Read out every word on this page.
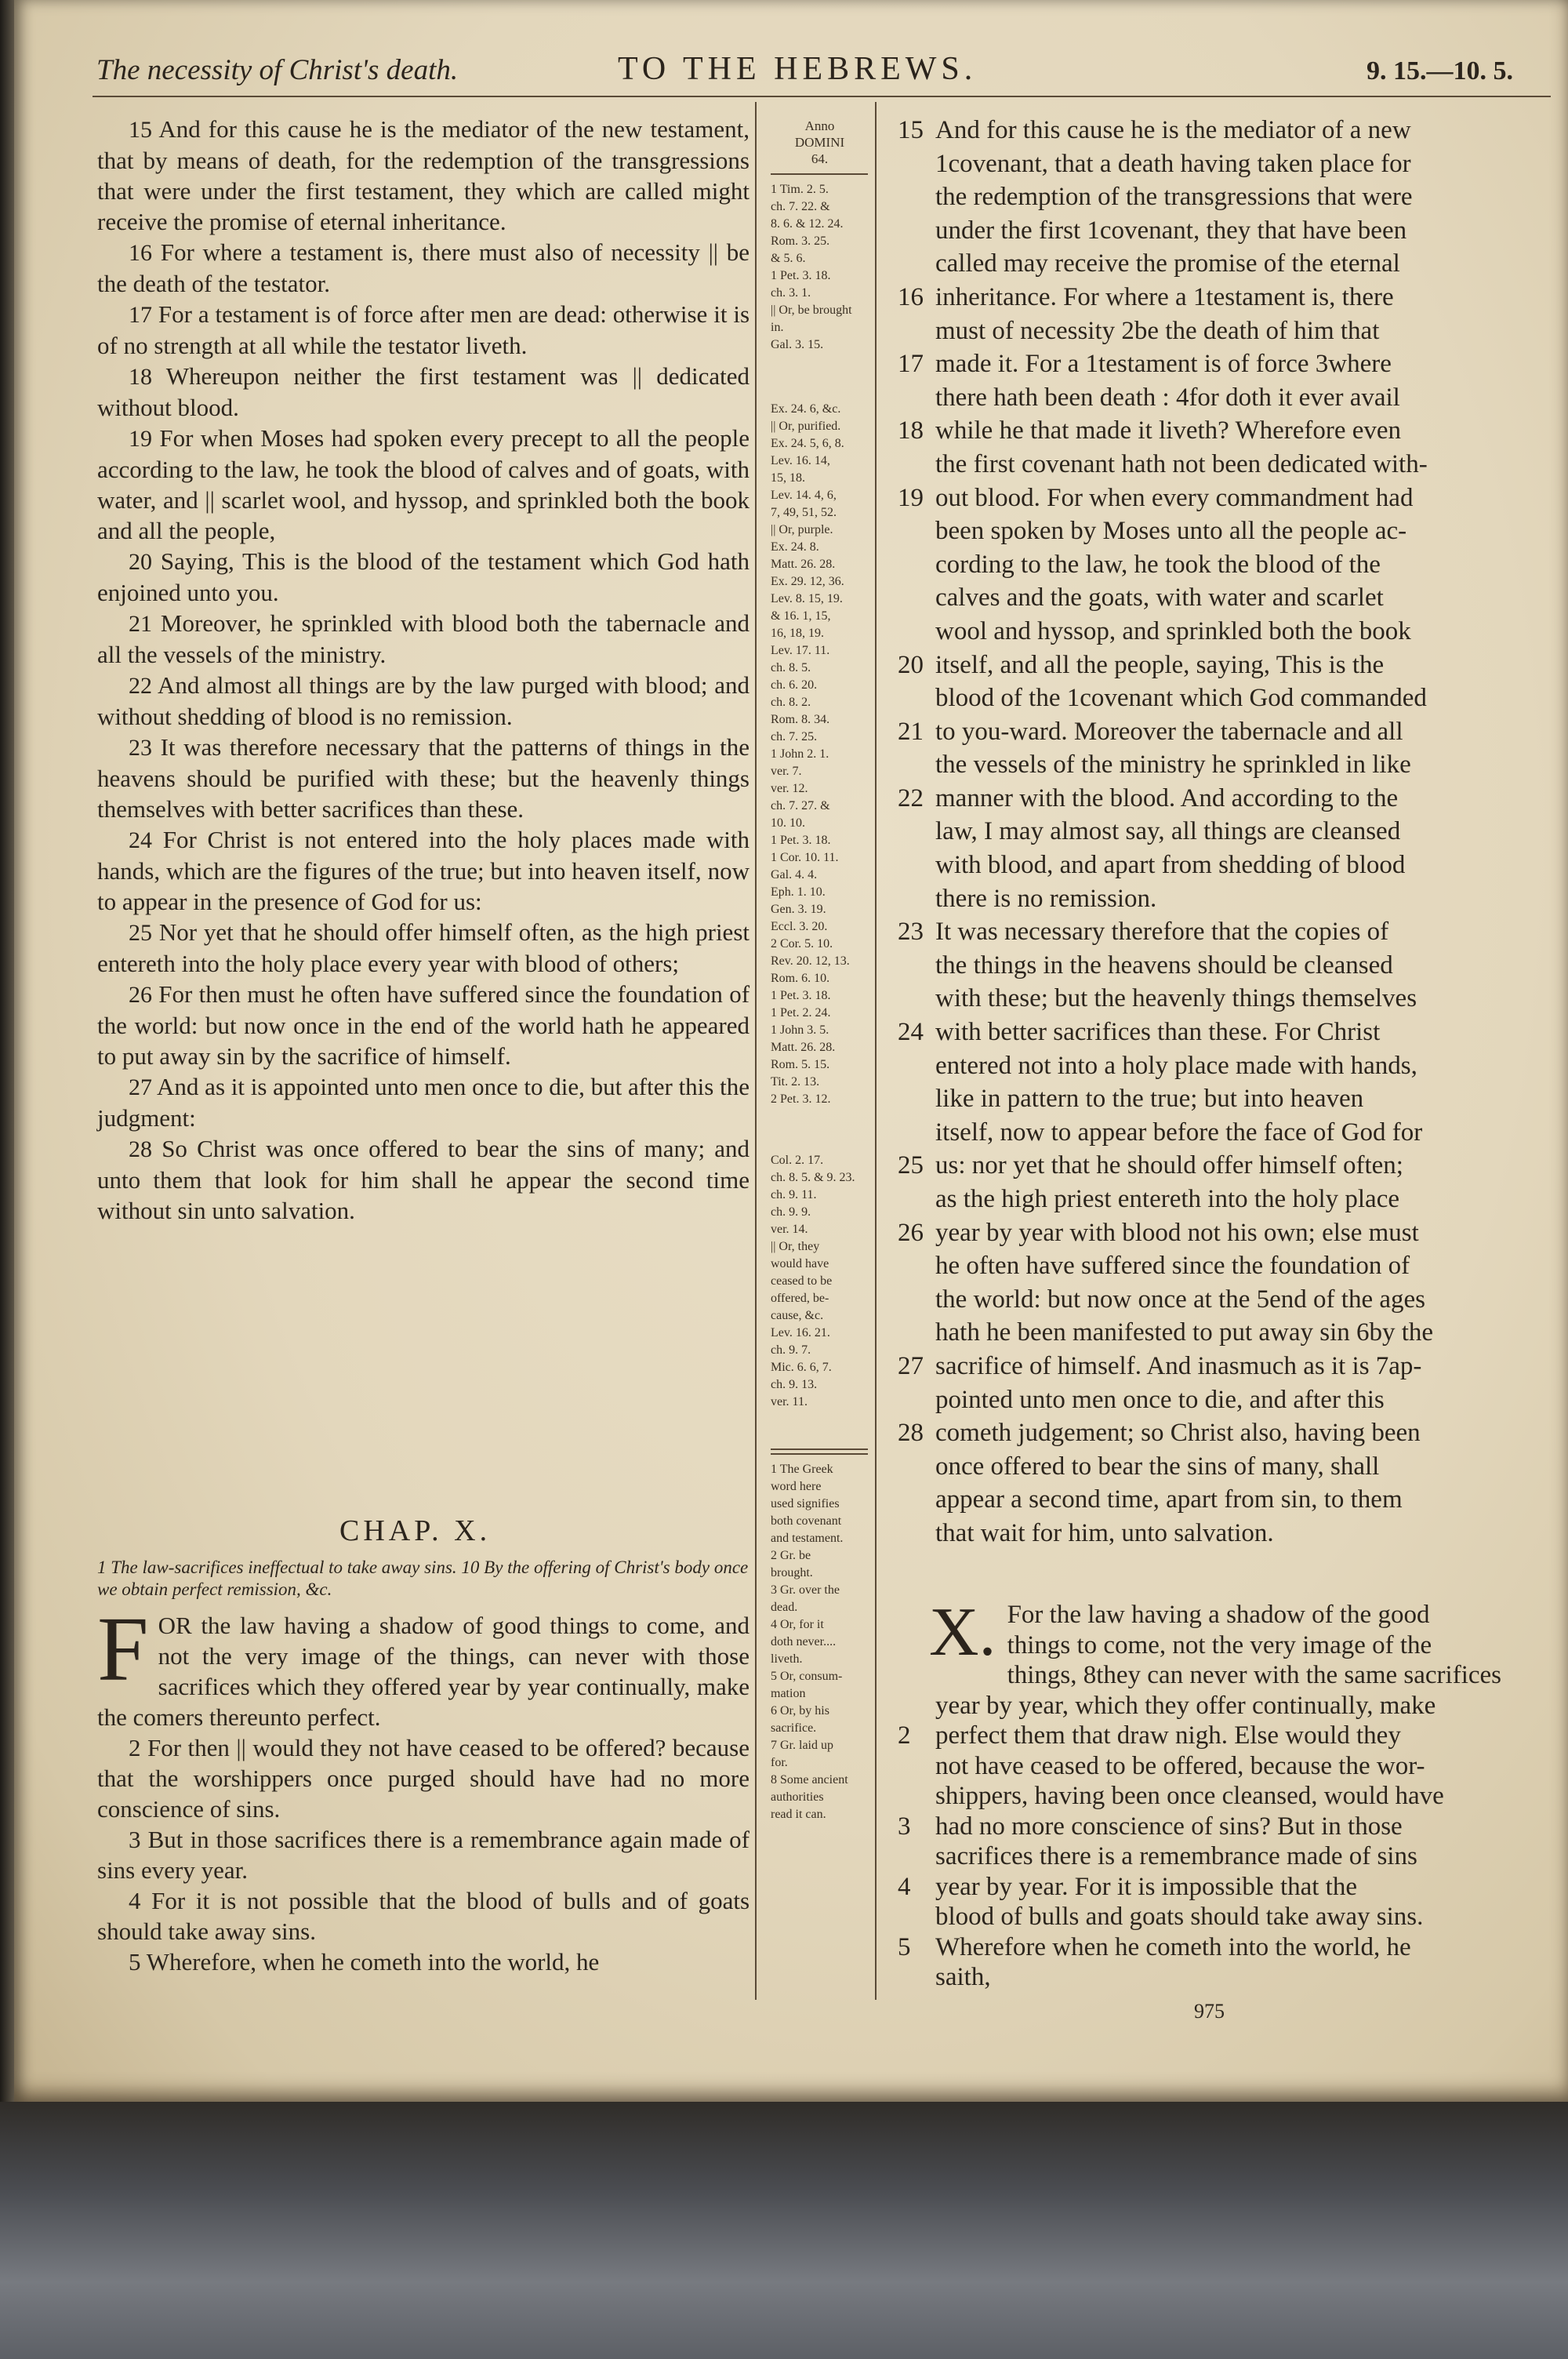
The necessity of Christ's death.	TO THE HEBREWS.	9. 15.—10. 5.

15 And for this cause he is the mediator of the new testament, that by means of death, for the redemption of the transgressions that were under the first testament, they which are called might receive the promise of eternal inheritance.

16 For where a testament is, there must also of necessity || be the death of the testator.

17 For a testament is of force after men are dead: otherwise it is of no strength at all while the testator liveth.

18 Whereupon neither the first testament was || dedicated without blood.

19 For when Moses had spoken every precept to all the people according to the law, he took the blood of calves and of goats, with water, and || scarlet wool, and hyssop, and sprinkled both the book and all the people,

20 Saying, This is the blood of the testament which God hath enjoined unto you.

21 Moreover, he sprinkled with blood both the tabernacle and all the vessels of the ministry.

22 And almost all things are by the law purged with blood; and without shedding of blood is no remission.

23 It was therefore necessary that the patterns of things in the heavens should be purified with these; but the heavenly things themselves with better sacrifices than these.

24 For Christ is not entered into the holy places made with hands, which are the figures of the true; but into heaven itself, now to appear in the presence of God for us:

25 Nor yet that he should offer himself often, as the high priest entereth into the holy place every year with blood of others;

26 For then must he often have suffered since the foundation of the world: but now once in the end of the world hath he appeared to put away sin by the sacrifice of himself.

27 And as it is appointed unto men once to die, but after this the judgment:

28 So Christ was once offered to bear the sins of many; and unto them that look for him shall he appear the second time without sin unto salvation.

Anno
DOMINI
64.
1 Tim. 2. 5.
ch. 7. 22. &
8. 6. & 12. 24.
Rom. 3. 25.
& 5. 6.
1 Pet. 3. 18.
ch. 3. 1.
|| Or, be brought
in.
Gal. 3. 15.
Ex. 24. 6, &c.
|| Or, purified.
Ex. 24. 5, 6, 8.
Lev. 16. 14,
15, 18.
Lev. 14. 4, 6,
7, 49, 51, 52.
|| Or, purple.
Ex. 24. 8.
Matt. 26. 28.
Ex. 29. 12, 36.
Lev. 8. 15, 19.
& 16. 1, 15,
16, 18, 19.
Lev. 17. 11.
ch. 8. 5.
ch. 6. 20.
ch. 8. 2.
Rom. 8. 34.
ch. 7. 25.
1 John 2. 1.
ver. 7.
ver. 12.
ch. 7. 27. &
10. 10.
1 Pet. 3. 18.
1 Cor. 10. 11.
Gal. 4. 4.
Eph. 1. 10.
Gen. 3. 19.
Eccl. 3. 20.
2 Cor. 5. 10.
Rev. 20. 12, 13.
Rom. 6. 10.
1 Pet. 3. 18.
1 Pet. 2. 24.
1 John 3. 5.
Matt. 26. 28.
Rom. 5. 15.
Tit. 2. 13.
2 Pet. 3. 12.
Col. 2. 17.
ch. 8. 5. & 9. 23.
ch. 9. 11.
ch. 9. 9.
ver. 14.
|| Or, they
would have
ceased to be
offered, be-
cause, &c.
Lev. 16. 21.
ch. 9. 7.
Mic. 6. 6, 7.
ch. 9. 13.
ver. 11.
1 The Greek
word here
used signifies
both covenant
and testament.
2 Gr. be
brought.
3 Gr. over the
dead.
4 Or, for it
doth never....
liveth.
5 Or, consum-
mation
6 Or, by his
sacrifice.
7 Gr. laid up
for.
8 Some ancient
authorities
read it can.
15 And for this cause he is the mediator of a new
1covenant, that a death having taken place for
the redemption of the transgressions that were
under the first 1covenant, they that have been
called may receive the promise of the eternal
16 inheritance. For where a 1testament is, there
must of necessity 2be the death of him that
17 made it. For a 1testament is of force 3where
there hath been death : 4for doth it ever avail
18 while he that made it liveth? Wherefore even
the first covenant hath not been dedicated with-
19 out blood. For when every commandment had
been spoken by Moses unto all the people ac-
cording to the law, he took the blood of the
calves and the goats, with water and scarlet
wool and hyssop, and sprinkled both the book
20 itself, and all the people, saying, This is the
blood of the 1covenant which God commanded
21 to you-ward. Moreover the tabernacle and all
the vessels of the ministry he sprinkled in like
22 manner with the blood. And according to the
law, I may almost say, all things are cleansed
with blood, and apart from shedding of blood
there is no remission.
23 It was necessary therefore that the copies of
the things in the heavens should be cleansed
with these; but the heavenly things themselves
24 with better sacrifices than these. For Christ
entered not into a holy place made with hands,
like in pattern to the true; but into heaven
itself, now to appear before the face of God for
25 us: nor yet that he should offer himself often;
as the high priest entereth into the holy place
26 year by year with blood not his own; else must
he often have suffered since the foundation of
the world: but now once at the 5end of the ages
hath he been manifested to put away sin 6by the
27 sacrifice of himself. And inasmuch as it is 7ap-
pointed unto men once to die, and after this
28 cometh judgement; so Christ also, having been
once offered to bear the sins of many, shall
appear a second time, apart from sin, to them
that wait for him, unto salvation.
CHAP. X.
1 The law-sacrifices ineffectual to take away sins. 10 By the offering of Christ's body once we obtain perfect remission, &c.

FOR the law having a shadow of good things to come, and not the very image of the things, can never with those sacrifices which they offered year by year continually, make the comers thereunto perfect.

2 For then || would they not have ceased to be offered? because that the worshippers once purged should have had no more conscience of sins.

3 But in those sacrifices there is a remembrance again made of sins every year.

4 For it is not possible that the blood of bulls and of goats should take away sins.

5 Wherefore, when he cometh into the world, he

X. For the law having a shadow of the good
things to come, not the very image of the
things, 8they can never with the same sacrifices
year by year, which they offer continually, make
2 perfect them that draw nigh. Else would they
not have ceased to be offered, because the wor-
shippers, having been once cleansed, would have
3 had no more conscience of sins? But in those
sacrifices there is a remembrance made of sins
4 year by year. For it is impossible that the
blood of bulls and goats should take away sins.
5 Wherefore when he cometh into the world, he
saith,
975
